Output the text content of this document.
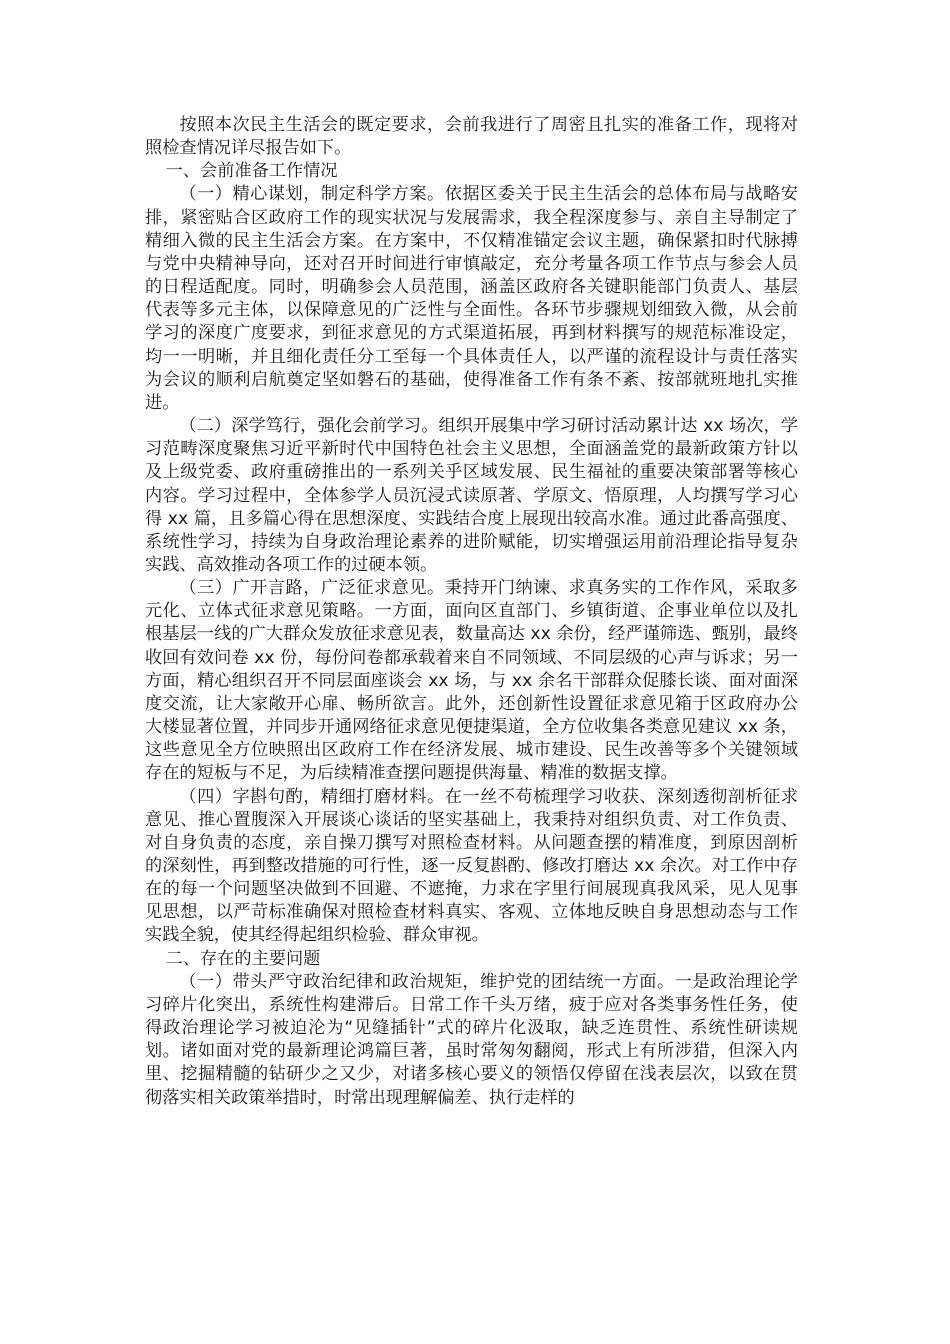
按照本次民主生活会的既定要求，会前我进行了周密且扎实的准备工作，现将对照检查情况详尽报告如下。

一、会前准备工作情况

（一）精心谋划，制定科学方案。依据区委关于民主生活会的总体布局与战略安排，紧密贴合区政府工作的现实状况与发展需求，我全程深度参与、亲自主导制定了精细入微的民主生活会方案。在方案中，不仅精准锚定会议主题，确保紧扣时代脉搏与党中央精神导向，还对召开时间进行审慎敲定，充分考量各项工作节点与参会人员的日程适配度。同时，明确参会人员范围，涵盖区政府各关键职能部门负责人、基层代表等多元主体，以保障意见的广泛性与全面性。各环节步骤规划细致入微，从会前学习的深度广度要求，到征求意见的方式渠道拓展，再到材料撰写的规范标准设定，均一一明晰，并且细化责任分工至每一个具体责任人，以严谨的流程设计与责任落实为会议的顺利启航奠定坚如磐石的基础，使得准备工作有条不紊、按部就班地扎实推进。

（二）深学笃行，强化会前学习。组织开展集中学习研讨活动累计达 xx 场次，学习范畴深度聚焦习近平新时代中国特色社会主义思想，全面涵盖党的最新政策方针以及上级党委、政府重磅推出的一系列关乎区域发展、民生福祉的重要决策部署等核心内容。学习过程中，全体参学人员沉浸式读原著、学原文、悟原理，人均撰写学习心得 xx 篇，且多篇心得在思想深度、实践结合度上展现出较高水准。通过此番高强度、系统性学习，持续为自身政治理论素养的进阶赋能，切实增强运用前沿理论指导复杂实践、高效推动各项工作的过硬本领。

（三）广开言路，广泛征求意见。秉持开门纳谏、求真务实的工作作风，采取多元化、立体式征求意见策略。一方面，面向区直部门、乡镇街道、企事业单位以及扎根基层一线的广大群众发放征求意见表，数量高达 xx 余份，经严谨筛选、甄别，最终收回有效问卷 xx 份，每份问卷都承载着来自不同领域、不同层级的心声与诉求；另一方面，精心组织召开不同层面座谈会 xx 场，与 xx 余名干部群众促膝长谈、面对面深度交流，让大家敞开心扉、畅所欲言。此外，还创新性设置征求意见箱于区政府办公大楼显著位置，并同步开通网络征求意见便捷渠道，全方位收集各类意见建议 xx 条，这些意见全方位映照出区政府工作在经济发展、城市建设、民生改善等多个关键领域存在的短板与不足，为后续精准查摆问题提供海量、精准的数据支撑。

（四）字斟句酌，精细打磨材料。在一丝不苟梳理学习收获、深刻透彻剖析征求意见、推心置腹深入开展谈心谈话的坚实基础上，我秉持对组织负责、对工作负责、对自身负责的态度，亲自操刀撰写对照检查材料。从问题查摆的精准度，到原因剖析的深刻性，再到整改措施的可行性，逐一反复斟酌、修改打磨达 xx 余次。对工作中存在的每一个问题坚决做到不回避、不遮掩，力求在字里行间展现真我风采，见人见事见思想，以严苛标准确保对照检查材料真实、客观、立体地反映自身思想动态与工作实践全貌，使其经得起组织检验、群众审视。

二、存在的主要问题

（一）带头严守政治纪律和政治规矩，维护党的团结统一方面。一是政治理论学习碎片化突出，系统性构建滞后。日常工作千头万绪，疲于应对各类事务性任务，使得政治理论学习被迫沦为“见缝插针”式的碎片化汲取，缺乏连贯性、系统性研读规划。诸如面对党的最新理论鸿篇巨著，虽时常匆匆翻阅，形式上有所涉猎，但深入内里、挖掘精髓的钻研少之又少，对诸多核心要义的领悟仅停留在浅表层次，以致在贯彻落实相关政策举措时，时常出现理解偏差、执行走样的
